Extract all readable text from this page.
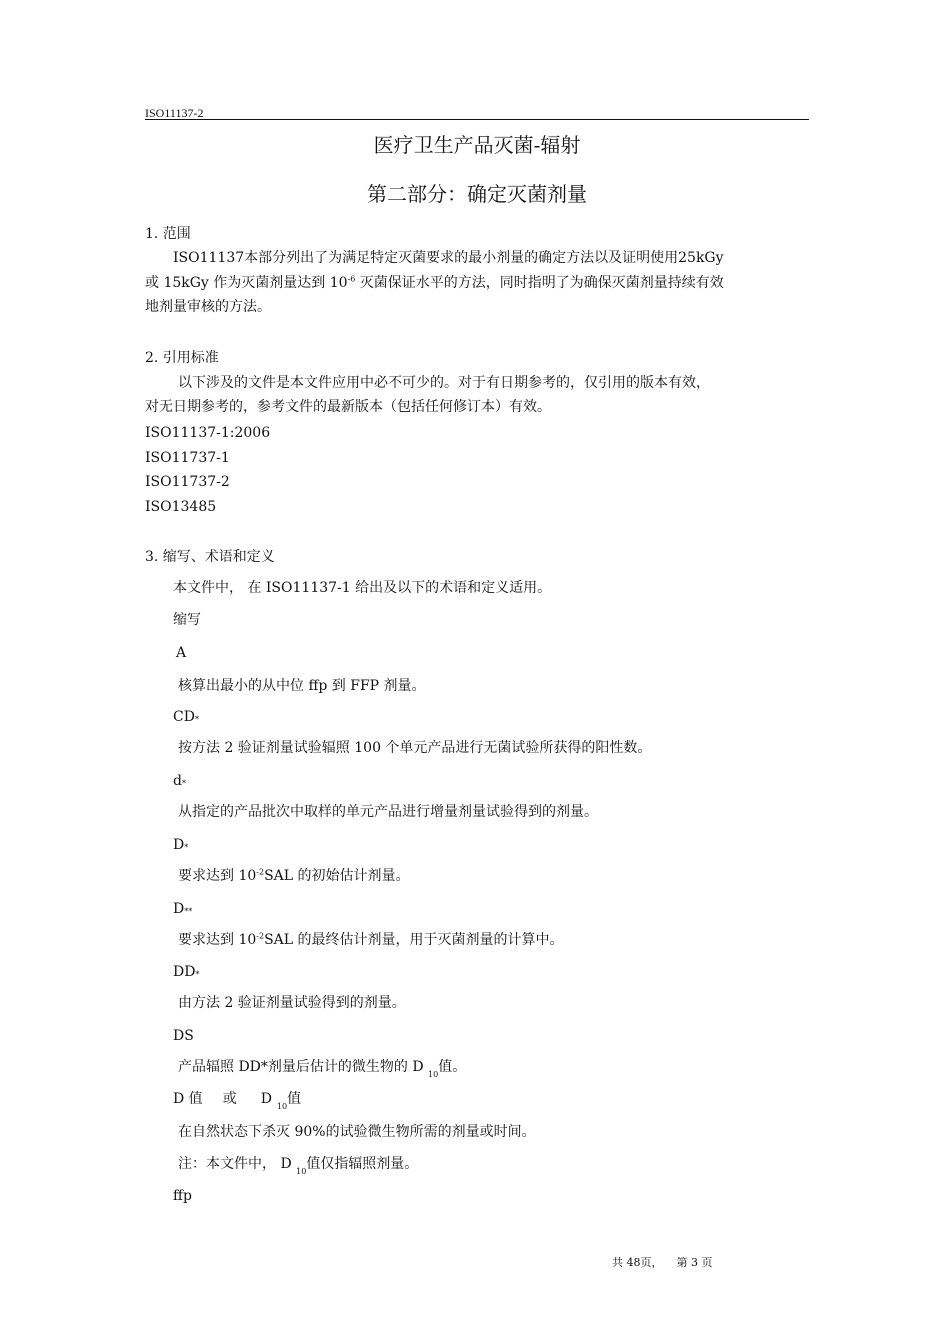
ISO11137-2
医疗卫生产品灭菌-辐射
第二部分：确定灭菌剂量
1. 范围
ISO11137本部分列出了为满足特定灭菌要求的最小剂量的确定方法以及证明使用25kGy
或 15kGy 作为灭菌剂量达到 $10^{-6}$ 灭菌保证水平的方法，同时指明了为确保灭菌剂量持续有效
地剂量审核的方法。
2. 引用标准
以下涉及的文件是本文件应用中必不可少的。对于有日期参考的，仅引用的版本有效，
对无日期参考的，参考文件的最新版本（包括任何修订本）有效。
ISO11137-1:2006
ISO11737-1
ISO11737-2
ISO13485
3. 缩写、术语和定义
本文件中， 在 ISO11137-1 给出及以下的术语和定义适用。
缩写
A
核算出最小的从中位 ffp 到 FFP 剂量。
CD*
按方法 2 验证剂量试验辐照 100 个单元产品进行无菌试验所获得的阳性数。
d*
从指定的产品批次中取样的单元产品进行增量剂量试验得到的剂量。
D*
要求达到 $10^{-2}SAL$ 的初始估计剂量。
D**
要求达到 $10^{-2}SAL$ 的最终估计剂量，用于灭菌剂量的计算中。
DD*
由方法 2 验证剂量试验得到的剂量。
DS
产品辐照 DD*剂量后估计的微生物的 D $_{10}$值。
D 值 或 D $_{10}$值
在自然状态下杀灭 90%的试验微生物所需的剂量或时间。
注：本文件中， D $_{10}$值仅指辐照剂量。
ffp
共 48页， 第 3 页
